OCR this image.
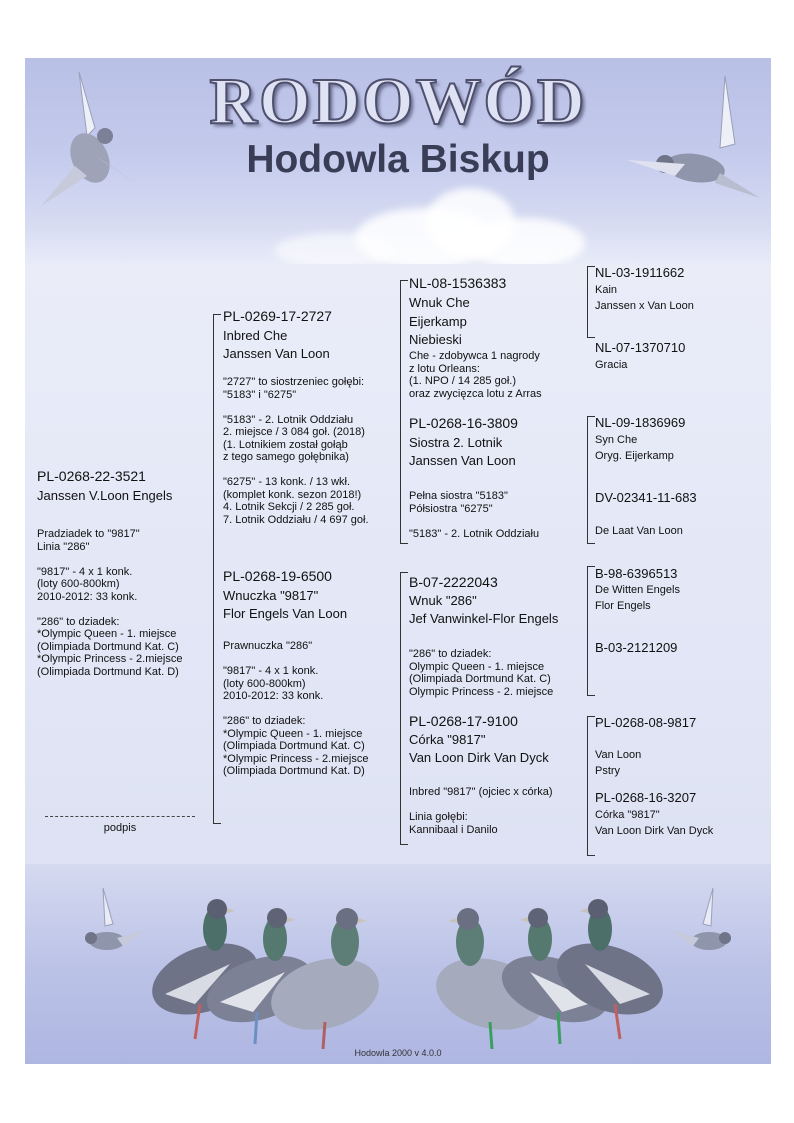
RODOWÓD
Hodowla Biskup
PL-0268-22-3521
Janssen V.Loon Engels
Pradziadek to "9817"
Linia "286"
"9817" - 4 x 1 konk.
(loty 600-800km)
2010-2012: 33 konk.
"286" to dziadek:
*Olympic Queen - 1. miejsce
(Olimpiada Dortmund Kat. C)
*Olympic Princess - 2.miejsce
(Olimpiada Dortmund Kat. D)
podpis
PL-0269-17-2727
Inbred Che
Janssen Van Loon
"2727" to siostrzeniec gołębi:
"5183" i "6275"
"5183" - 2. Lotnik Oddziału
2. miejsce / 3 084 goł. (2018)
(1. Lotnikiem został gołąb
z tego samego gołębnika)
"6275" - 13 konk. / 13 wkł.
(komplet konk. sezon 2018!)
4. Lotnik Sekcji / 2 285 goł.
7. Lotnik Oddziału / 4 697 goł.
PL-0268-19-6500
Wnuczka "9817"
Flor Engels Van Loon
Prawnuczka "286"
"9817" - 4 x 1 konk.
(loty 600-800km)
2010-2012: 33 konk.
"286" to dziadek:
*Olympic Queen - 1. miejsce
(Olimpiada Dortmund Kat. C)
*Olympic Princess - 2.miejsce
(Olimpiada Dortmund Kat. D)
NL-08-1536383
Wnuk Che
Eijerkamp
Niebieski
Che - zdobywca 1 nagrody
z lotu Orleans:
(1. NPO / 14 285 goł.)
oraz zwycięzca lotu z Arras
PL-0268-16-3809
Siostra 2. Lotnik
Janssen Van Loon
Pełna siostra "5183"
Półsiostra "6275"
"5183" - 2. Lotnik Oddziału
B-07-2222043
Wnuk "286"
Jef Vanwinkel-Flor Engels
"286" to dziadek:
Olympic Queen - 1. miejsce
(Olimpiada Dortmund Kat. C)
Olympic Princess - 2. miejsce
PL-0268-17-9100
Córka "9817"
Van Loon Dirk Van Dyck
Inbred "9817" (ojciec x córka)
Linia gołębi:
Kannibaal i Danilo
NL-03-1911662
Kain
Janssen x Van Loon
NL-07-1370710
Gracia
NL-09-1836969
Syn Che
Oryg. Eijerkamp
DV-02341-11-683
De Laat Van Loon
B-98-6396513
De Witten Engels
Flor Engels
B-03-2121209
PL-0268-08-9817
Van Loon
Pstry
PL-0268-16-3207
Córka "9817"
Van Loon Dirk Van Dyck
Hodowla 2000 v 4.0.0
